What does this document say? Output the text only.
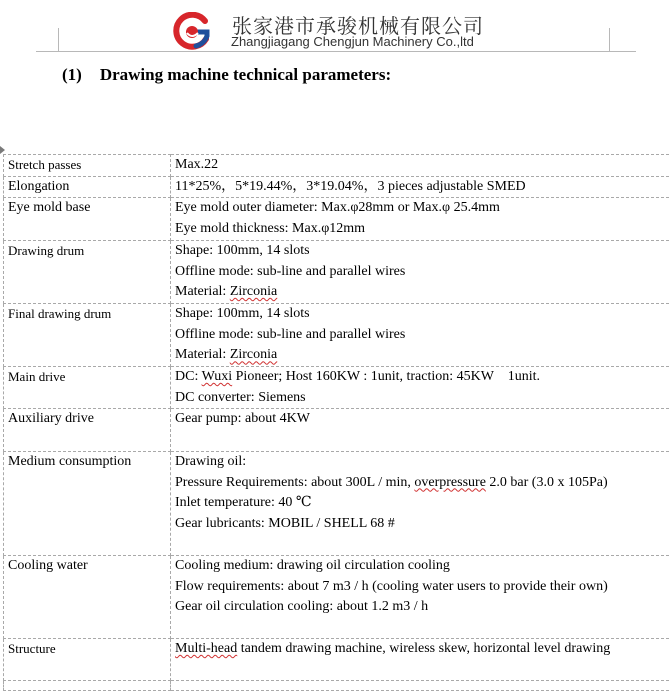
张家港市承骏机械有限公司
Zhangjiagang Chengjun Machinery Co.,ltd
(1) Drawing machine technical parameters:
Stretch passes	Max.22

Elongation	11*25%，5*19.44%，3*19.04%，3 pieces adjustable SMED

Eye mold base	Eye mold outer diameter: Max.φ28mm or Max.φ 25.4mm
Eye mold thickness: Max.φ12mm

Drawing drum	Shape: 100mm, 14 slots
Offline mode: sub-line and parallel wires
Material: Zirconia

Final drawing drum	Shape: 100mm, 14 slots
Offline mode: sub-line and parallel wires
Material: Zirconia

Main drive	DC: Wuxi Pioneer; Host 160KW : 1unit, traction: 45KW    1unit.
DC converter: Siemens

Auxiliary drive	Gear pump: about 4KW

Medium consumption	Drawing oil:
Pressure Requirements: about 300L / min, overpressure 2.0 bar (3.0 x 105Pa)
Inlet temperature: 40 ℃
Gear lubricants: MOBIL / SHELL 68 #

Cooling water	Cooling medium: drawing oil circulation cooling
Flow requirements: about 7 m3 / h (cooling water users to provide their own)
Gear oil circulation cooling: about 1.2 m3 / h

Structure	Multi-head tandem drawing machine, wireless skew, horizontal level drawing
